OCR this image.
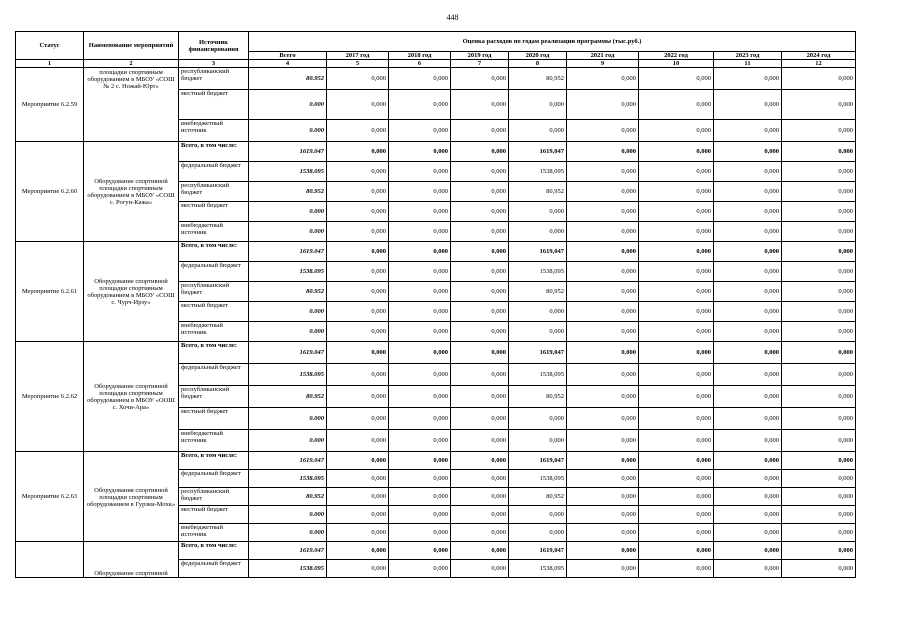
448
Статус	Наименование мероприятий	Источник финансирования	Оценка расходов по годам реализации программы (тыс.руб.)								
			Всего	2017 год	2018 год	2019 год	2020 год	2021 год	2022 год	2023 год	2024 год
1	2	3	4	5	6	7	8	9	10	11	12
Мероприятие 6.2.59	площадки спортивным оборудованием в МБОУ «СОШ № 2 с. Ножай-Юрт»	республиканский бюджет	80.952	0,000	0,000	0,000	80,952	0,000	0,000	0,000	0,000
		местный бюджет	0.000	0,000	0,000	0,000	0,000	0,000	0,000	0,000	0,000
		внебюджетный источник	0.000	0,000	0,000	0,000	0,000	0,000	0,000	0,000	0,000
Мероприятие 6.2.60	Оборудование спортивной площадки спортивным оборудованием в МБОУ «СОШ с. Рогун-Кажа»	Всего, в том числе:	1619.047	0,000	0,000	0,000	1619,047	0,000	0,000	0,000	0,000
		федеральный бюджет	1538.095	0,000	0,000	0,000	1538,095	0,000	0,000	0,000	0,000
		республиканский бюджет	80.952	0,000	0,000	0,000	80,952	0,000	0,000	0,000	0,000
		местный бюджет	0.000	0,000	0,000	0,000	0,000	0,000	0,000	0,000	0,000
		внебюджетный источник	0.000	0,000	0,000	0,000	0,000	0,000	0,000	0,000	0,000
Мероприятие 6.2.61	Оборудование спортивной площадки спортивным оборудованием в МБОУ «СОШ с. Чурч-Ирзу»	Всего, в том числе:	1619.047	0,000	0,000	0,000	1619,047	0,000	0,000	0,000	0,000
		федеральный бюджет	1538.095	0,000	0,000	0,000	1538,095	0,000	0,000	0,000	0,000
		республиканский бюджет	80.952	0,000	0,000	0,000	80,952	0,000	0,000	0,000	0,000
		местный бюджет	0.000	0,000	0,000	0,000	0,000	0,000	0,000	0,000	0,000
		внебюджетный источник	0.000	0,000	0,000	0,000	0,000	0,000	0,000	0,000	0,000
Мероприятие 6.2.62	Оборудование спортивной площадки спортивным оборудованием в МБОУ «ООШ с. Хочи-Ара»	Всего, в том числе:	1619.047	0,000	0,000	0,000	1619,047	0,000	0,000	0,000	0,000
		федеральный бюджет	1538.095	0,000	0,000	0,000	1538,095	0,000	0,000	0,000	0,000
		республиканский бюджет	80.952	0,000	0,000	0,000	80,952	0,000	0,000	0,000	0,000
		местный бюджет	0.000	0,000	0,000	0,000	0,000	0,000	0,000	0,000	0,000
		внебюджетный источник	0.000	0,000	0,000	0,000	0,000	0,000	0,000	0,000	0,000
Мероприятие 6.2.63	Оборудования спортивной площадки спортивным оборудованием в Гурзки-Мохк»	Всего, в том числе:	1619.047	0,000	0,000	0,000	1619,047	0,000	0,000	0,000	0,000
		федеральный бюджет	1538.095	0,000	0,000	0,000	1538,095	0,000	0,000	0,000	0,000
		республиканский бюджет	80.952	0,000	0,000	0,000	80,952	0,000	0,000	0,000	0,000
		местный бюджет	0.000	0,000	0,000	0,000	0,000	0,000	0,000	0,000	0,000
		внебюджетный источник	0.000	0,000	0,000	0,000	0,000	0,000	0,000	0,000	0,000
	Оборудование спортивной	Всего, в том числе:	1619.047	0,000	0,000	0,000	1619,047	0,000	0,000	0,000	0,000
		федеральный бюджет	1538.095	0,000	0,000	0,000	1538,095	0,000	0,000	0,000	0,000
